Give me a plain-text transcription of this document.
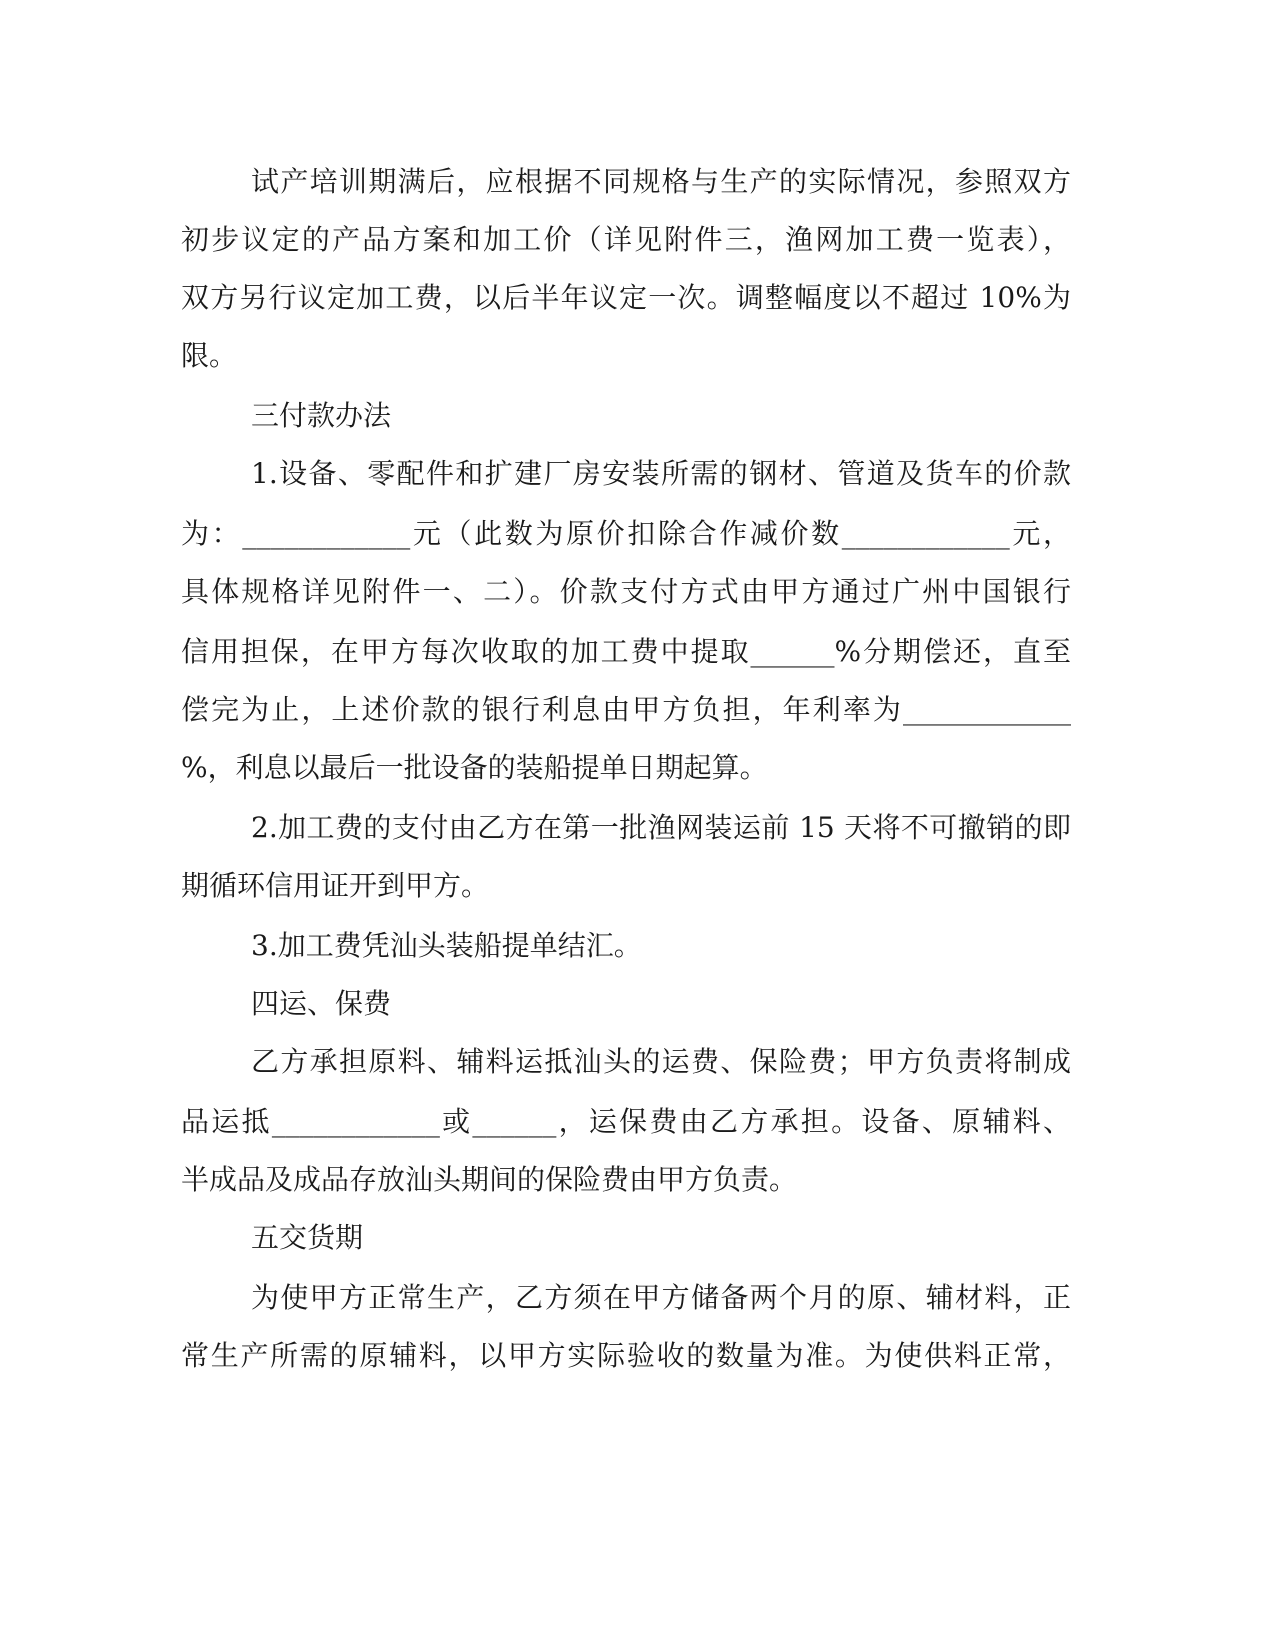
试产培训期满后，应根据不同规格与生产的实际情况，参照双方
初步议定的产品方案和加工价（详见附件三，渔网加工费一览表），
双方另行议定加工费，以后半年议定一次。调整幅度以不超过 10%为
限。
三付款办法
1.设备、零配件和扩建厂房安装所需的钢材、管道及货车的价款
为：____________元（此数为原价扣除合作减价数____________元，
具体规格详见附件一、二）。价款支付方式由甲方通过广州中国银行
信用担保，在甲方每次收取的加工费中提取______%分期偿还，直至
偿完为止，上述价款的银行利息由甲方负担，年利率为____________
%，利息以最后一批设备的装船提单日期起算。
2.加工费的支付由乙方在第一批渔网装运前 15 天将不可撤销的即
期循环信用证开到甲方。
3.加工费凭汕头装船提单结汇。
四运、保费
乙方承担原料、辅料运抵汕头的运费、保险费；甲方负责将制成
品运抵____________或______，运保费由乙方承担。设备、原辅料、
半成品及成品存放汕头期间的保险费由甲方负责。
五交货期
为使甲方正常生产，乙方须在甲方储备两个月的原、辅材料，正
常生产所需的原辅料，以甲方实际验收的数量为准。为使供料正常，
